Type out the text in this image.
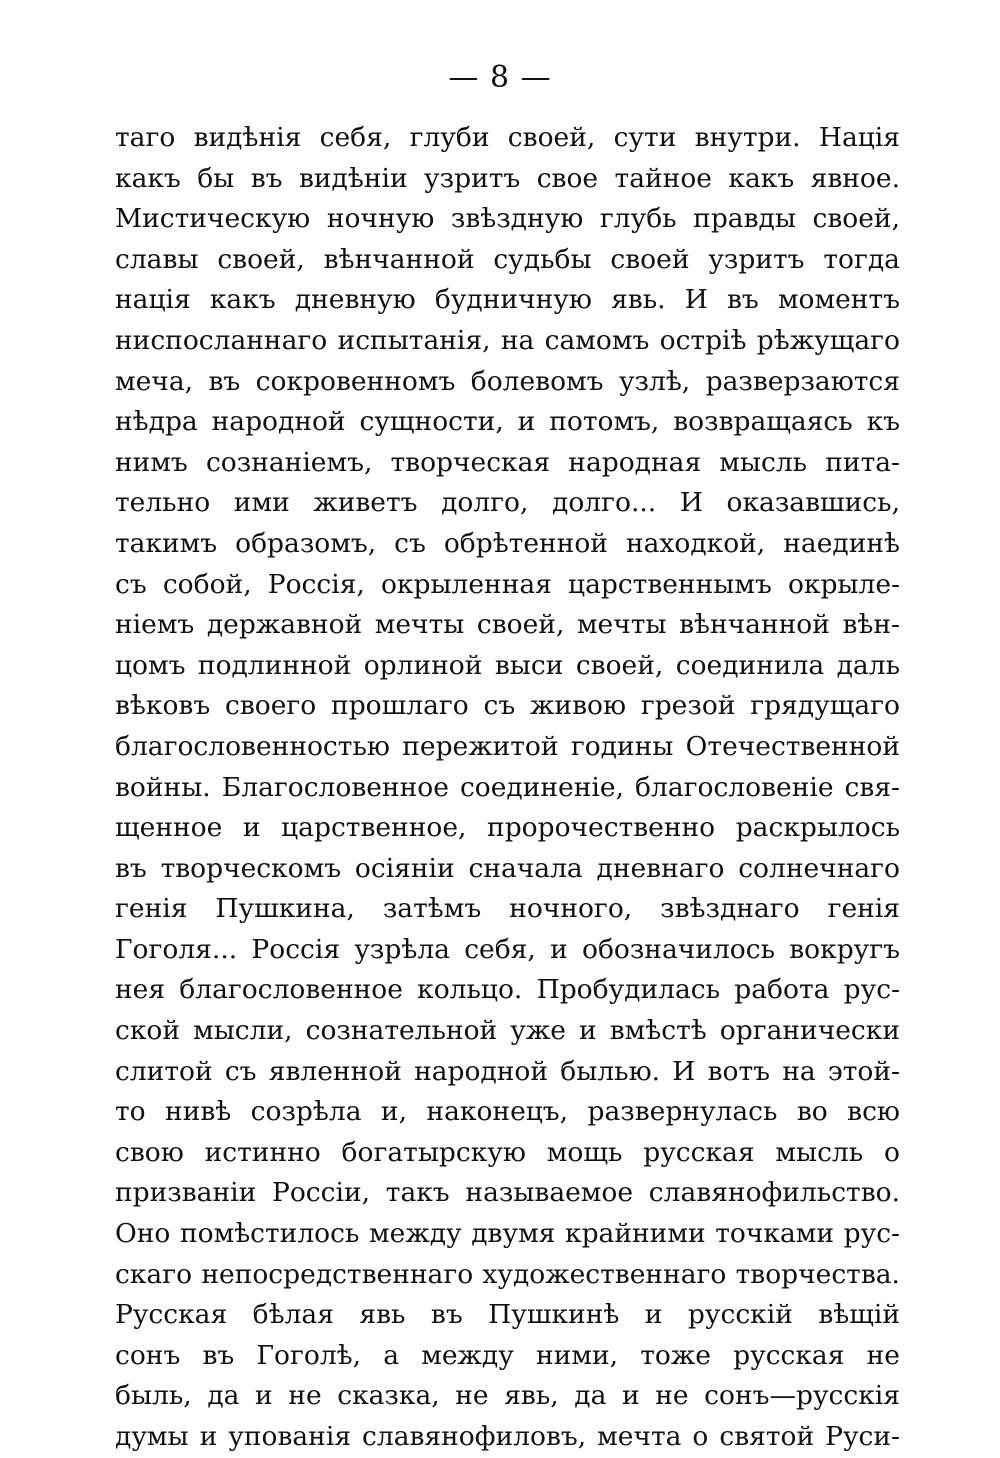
— 8 —
таго видѣнія себя, глуби своей, сути внутри. Нація
какъ бы въ видѣніи узритъ свое тайное какъ явное.
Мистическую ночную звѣздную глубь правды своей,
славы своей, вѣнчанной судьбы своей узритъ тогда
нація какъ дневную будничную явь. И въ моментъ
ниспосланнаго испытанія, на самомъ остріѣ рѣжущаго
меча, въ сокровенномъ болевомъ узлѣ, разверзаются
нѣдра народной сущности, и потомъ, возвращаясь къ
нимъ сознаніемъ, творческая народная мысль пита-
тельно ими живетъ долго, долго... И оказавшись,
такимъ образомъ, съ обрѣтенной находкой, наединѣ
съ собой, Россія, окрыленная царственнымъ окрыле-
ніемъ державной мечты своей, мечты вѣнчанной вѣн-
цомъ подлинной орлиной выси своей, соединила даль
вѣковъ своего прошлаго съ живою грезой грядущаго
благословенностью пережитой годины Отечественной
войны. Благословенное соединеніе, благословеніе свя-
щенное и царственное, пророчественно раскрылось
въ творческомъ осіяніи сначала дневнаго солнечнаго
генія Пушкина, затѣмъ ночного, звѣзднаго генія
Гоголя... Россія узрѣла себя, и обозначилось вокругъ
нея благословенное кольцо. Пробудилась работа рус-
ской мысли, сознательной уже и вмѣстѣ органически
слитой съ явленной народной былью. И вотъ на этой-
то нивѣ созрѣла и, наконецъ, развернулась во всю
свою истинно богатырскую мощь русская мысль о
призваніи Россіи, такъ называемое славянофильство.
Оно помѣстилось между двумя крайними точками рус-
скаго непосредственнаго художественнаго творчества.
Русская бѣлая явь въ Пушкинѣ и русскій вѣщій
сонъ въ Гоголѣ, а между ними, тоже русская не
быль, да и не сказка, не явь, да и не сонъ—русскія
думы и упованія славянофиловъ, мечта о святой Руси-
